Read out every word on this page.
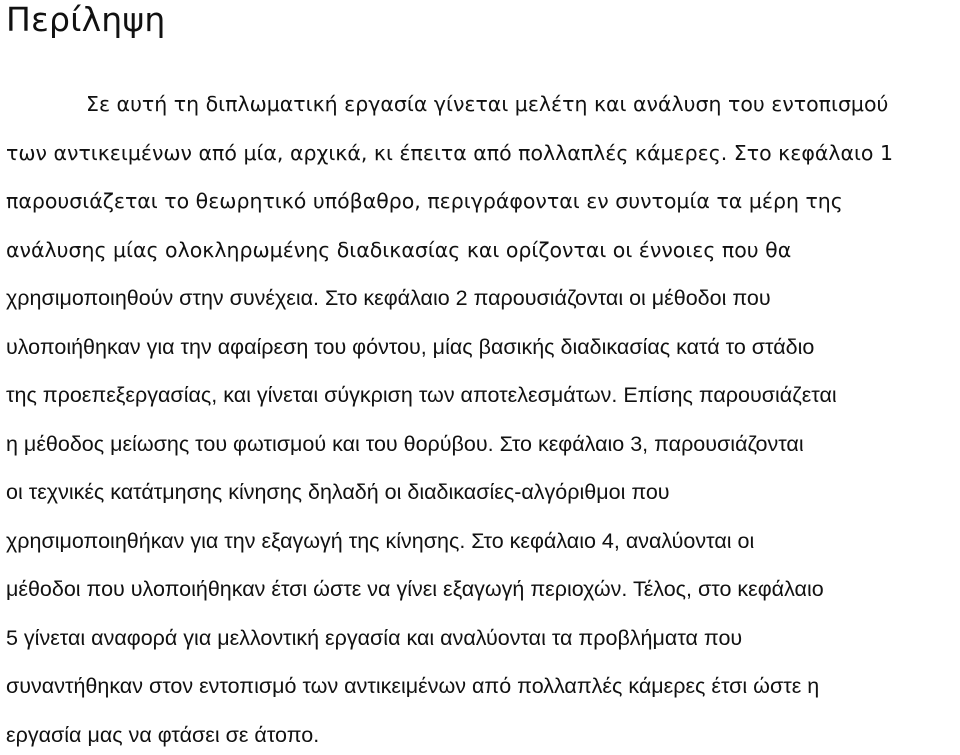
Περίληψη

Σε αυτή τη διπλωματική εργασία γίνεται μελέτη και ανάλυση του εντοπισμού

των αντικειμένων από μία, αρχικά, κι έπειτα από πολλαπλές κάμερες. Στο κεφάλαιο 1

παρουσιάζεται το θεωρητικό υπόβαθρο, περιγράφονται εν συντομία τα μέρη της

ανάλυσης μίας ολοκληρωμένης διαδικασίας και ορίζονται οι έννοιες που θα

χρησιμοποιηθούν στην συνέχεια. Στο κεφάλαιο 2 παρουσιάζονται οι μέθοδοι που

υλοποιήθηκαν για την αφαίρεση του φόντου, μίας βασικής διαδικασίας κατά το στάδιο

της προεπεξεργασίας, και γίνεται σύγκριση των αποτελεσμάτων. Επίσης παρουσιάζεται

η μέθοδος μείωσης του φωτισμού και του θορύβου. Στο κεφάλαιο 3, παρουσιάζονται

οι τεχνικές κατάτμησης κίνησης δηλαδή οι διαδικασίες-αλγόριθμοι που

χρησιμοποιηθήκαν για την εξαγωγή της κίνησης. Στο κεφάλαιο 4, αναλύονται οι

μέθοδοι που υλοποιήθηκαν έτσι ώστε να γίνει εξαγωγή περιοχών. Τέλος, στο κεφάλαιο

5 γίνεται αναφορά για μελλοντική εργασία και αναλύονται τα προβλήματα που

συναντήθηκαν στον εντοπισμό των αντικειμένων από πολλαπλές κάμερες έτσι ώστε η

εργασία μας να φτάσει σε άτοπο.
